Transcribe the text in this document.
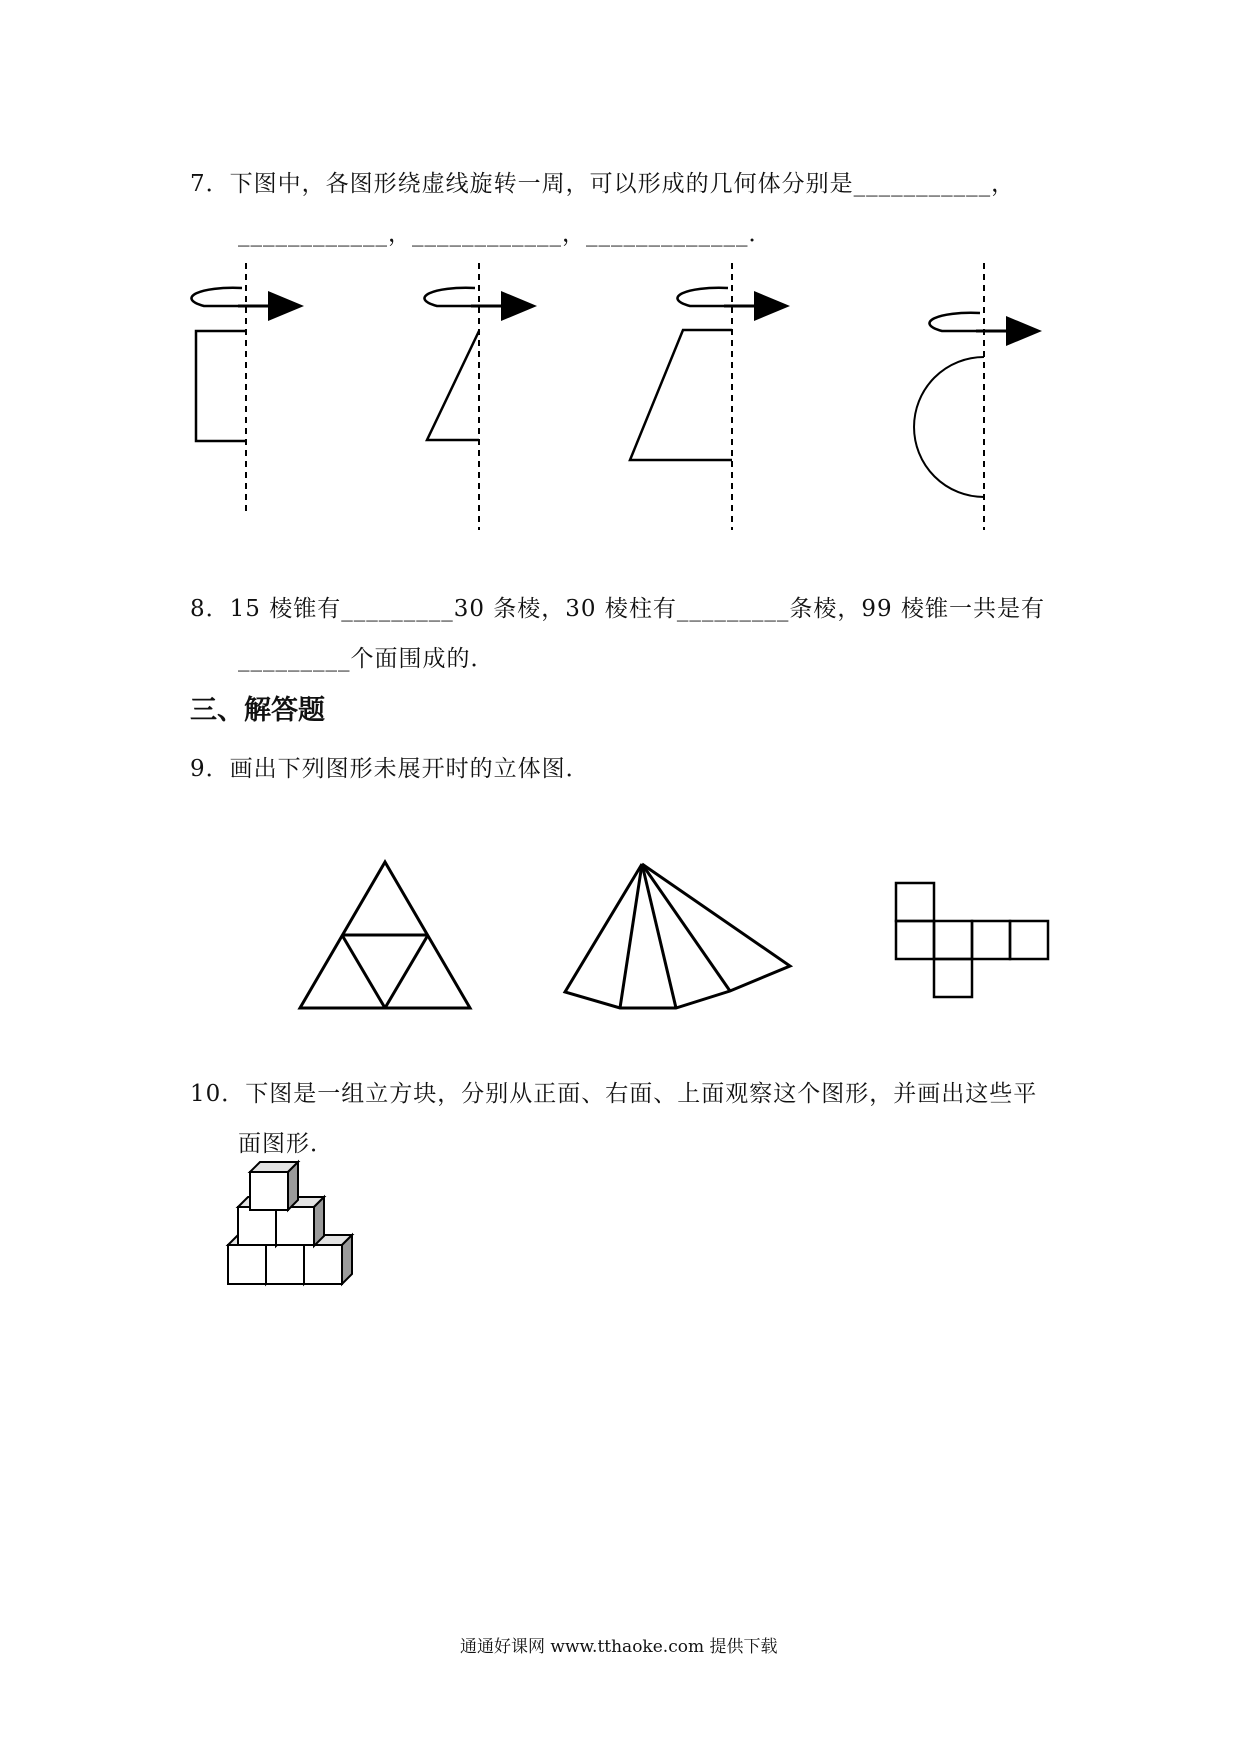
7．下图中，各图形绕虚线旋转一周，可以形成的几何体分别是___________，
____________，____________，_____________．
8．15 棱锥有_________30 条棱，30 棱柱有_________条棱，99 棱锥一共是有
_________个面围成的．
三、解答题
9．画出下列图形未展开时的立体图．
10．下图是一组立方块，分别从正面、右面、上面观察这个图形，并画出这些平
面图形．
通通好课网 www.tthaoke.com 提供下载
